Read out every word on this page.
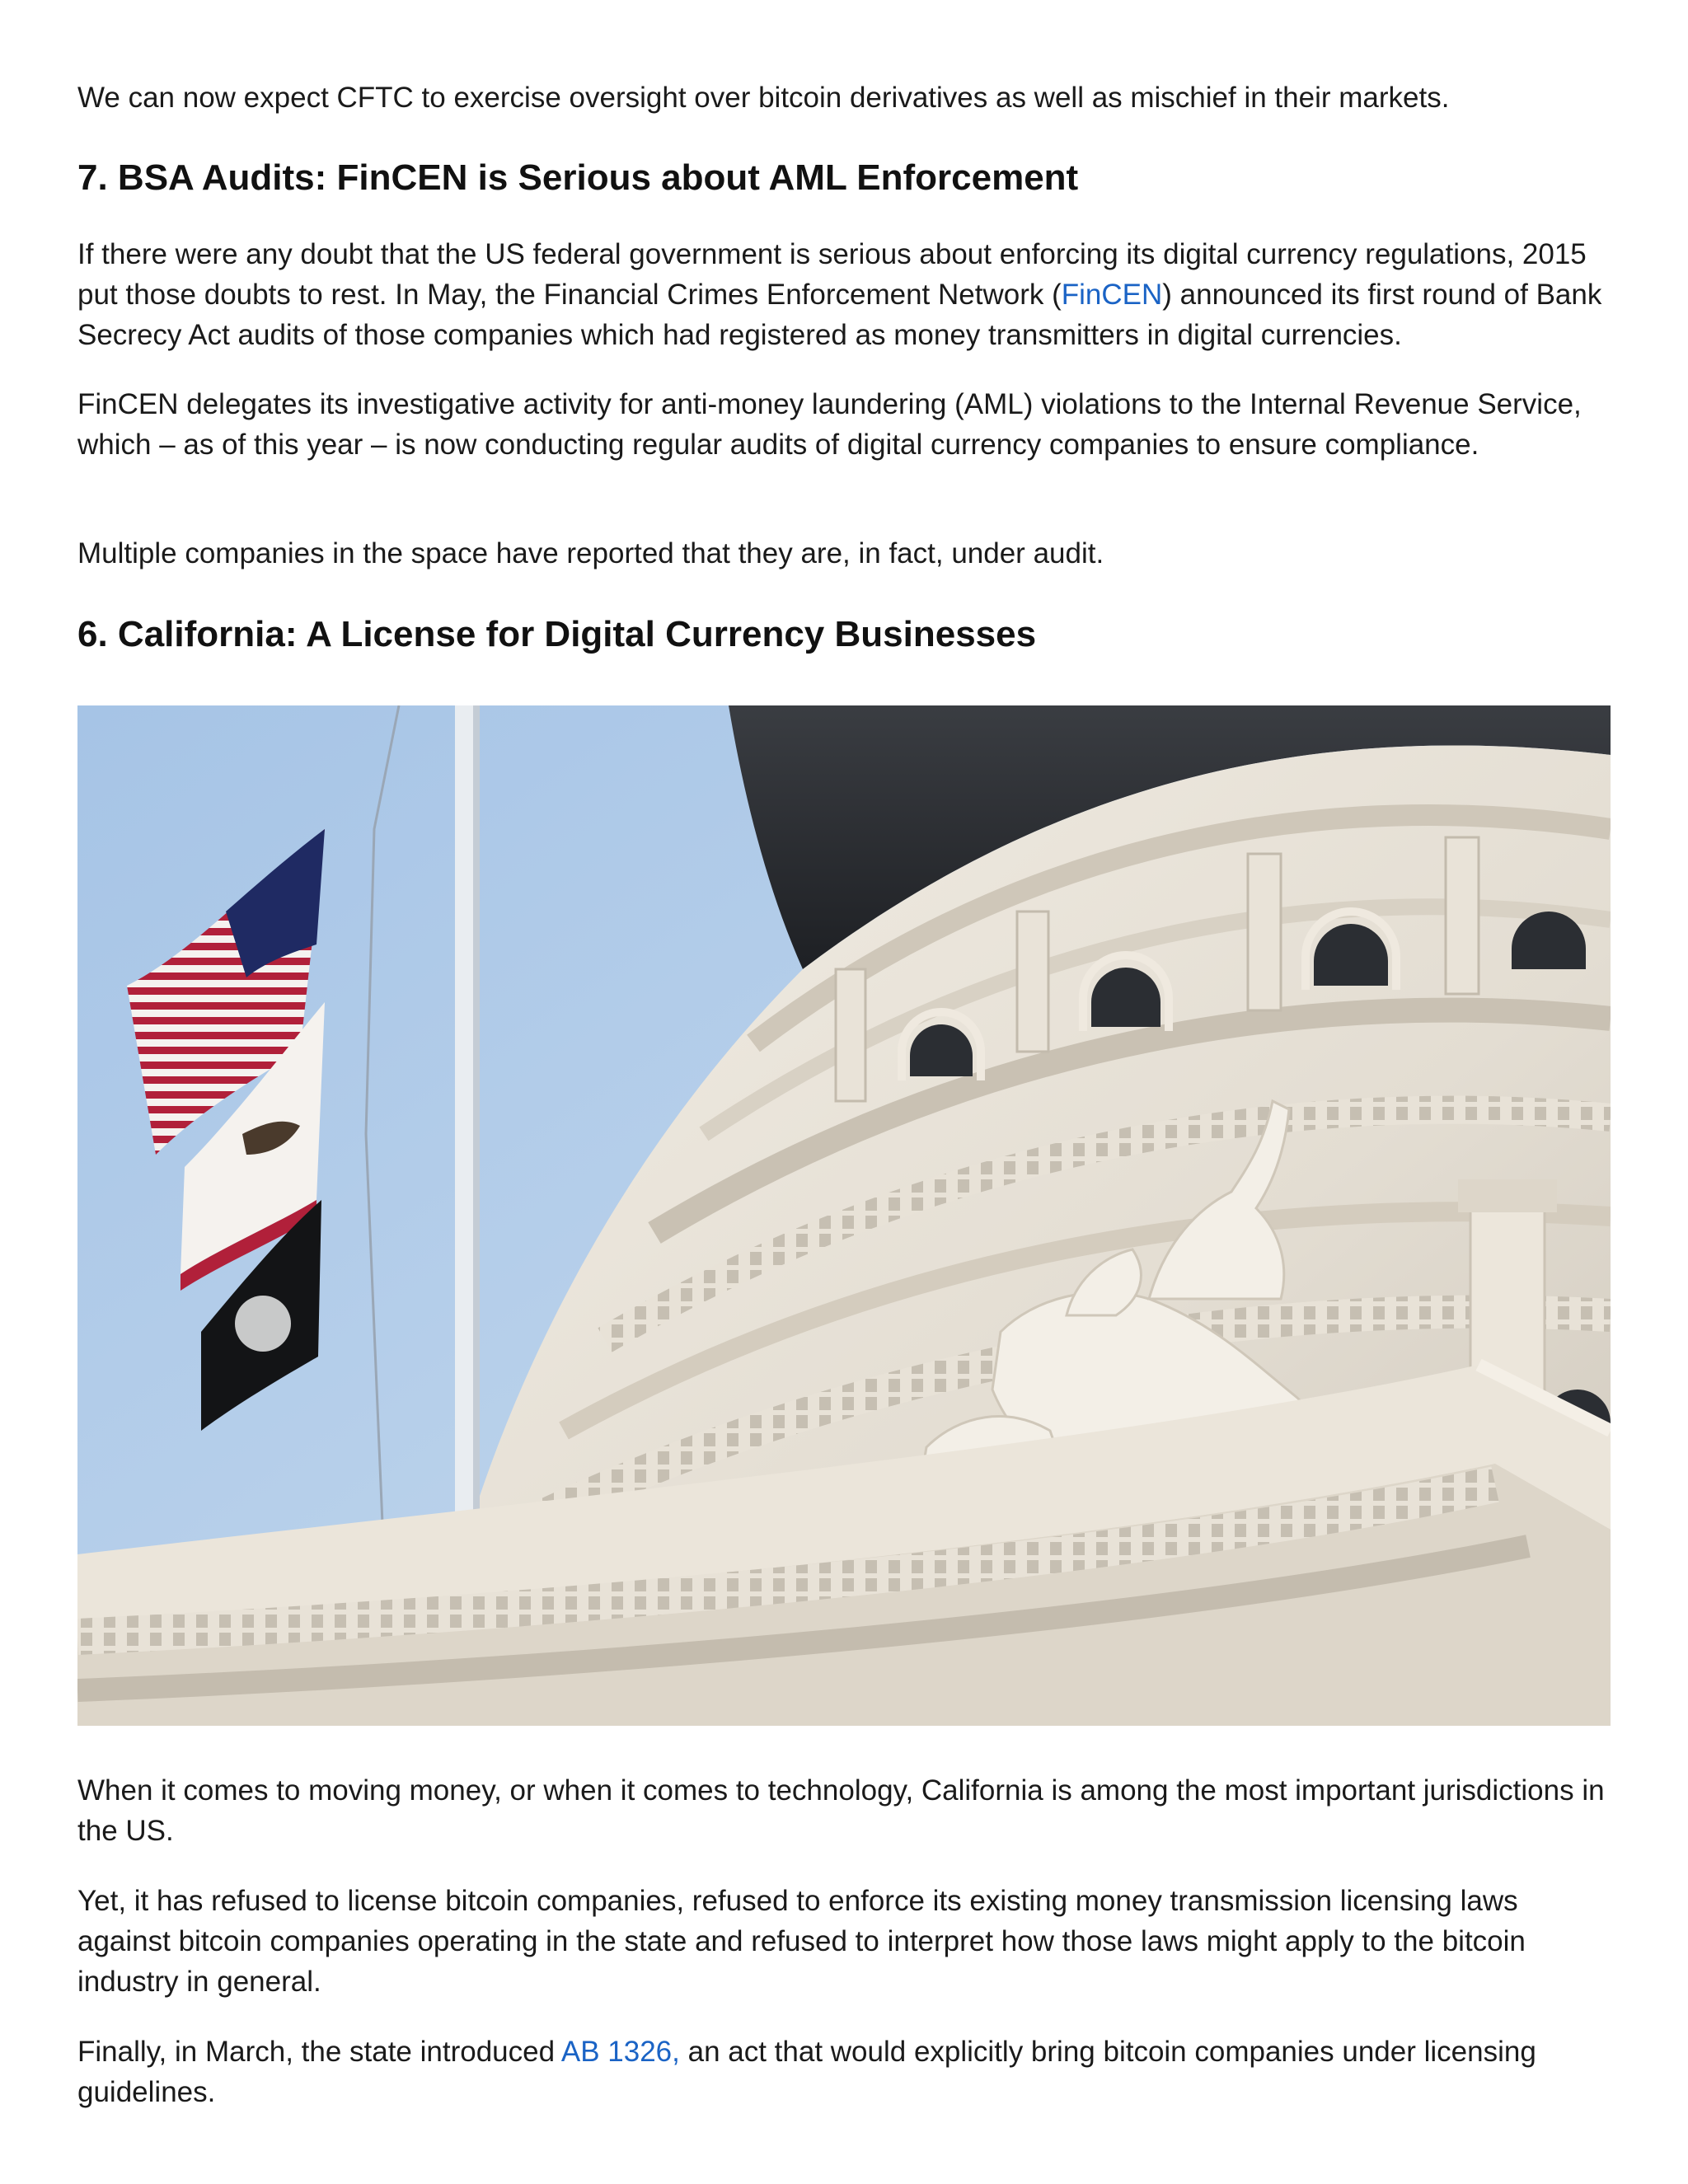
We can now expect CFTC to exercise oversight over bitcoin derivatives as well as mischief in their markets.

7. BSA Audits: FinCEN is Serious about AML Enforcement

If there were any doubt that the US federal government is serious about enforcing its digital currency regulations, 2015 put those doubts to rest. In May, the Financial Crimes Enforcement Network (FinCEN) announced its first round of Bank Secrecy Act audits of those companies which had registered as money transmitters in digital currencies.

FinCEN delegates its investigative activity for anti-money laundering (AML) violations to the Internal Revenue Service, which – as of this year – is now conducting regular audits of digital currency companies to ensure compliance.

Multiple companies in the space have reported that they are, in fact, under audit.

6. California: A License for Digital Currency Businesses

When it comes to moving money, or when it comes to technology, California is among the most important jurisdictions in the US.

Yet, it has refused to license bitcoin companies, refused to enforce its existing money transmission licensing laws against bitcoin companies operating in the state and refused to interpret how those laws might apply to the bitcoin industry in general.

Finally, in March, the state introduced AB 1326, an act that would explicitly bring bitcoin companies under licensing guidelines.
